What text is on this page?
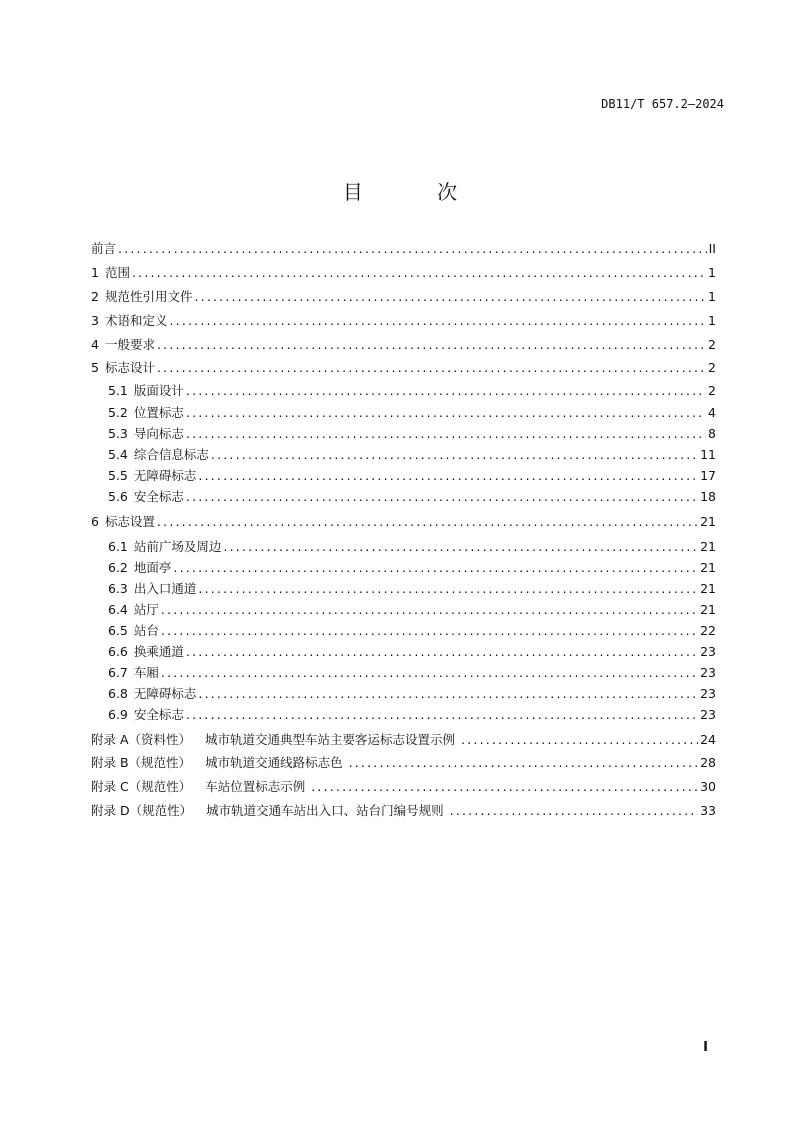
DB11/T 657.2—2024
目 次
前言 .....	II
1 范围 .....	1
2 规范性引用文件 .....	1
3 术语和定义 .....	1
4 一般要求 .....	2
5 标志设计 .....	2
5.1 版面设计 .....	2
5.2 位置标志 .....	4
5.3 导向标志 .....	8
5.4 综合信息标志 .....	11
5.5 无障碍标志 .....	17
5.6 安全标志 .....	18
6 标志设置 .....	21
6.1 站前广场及周边 .....	21
6.2 地面亭 .....	21
6.3 出入口通道 .....	21
6.4 站厅 .....	21
6.5 站台 .....	22
6.6 换乘通道 .....	23
6.7 车厢 .....	23
6.8 无障碍标志 .....	23
6.9 安全标志 .....	23
附录 A（资料性） 城市轨道交通典型车站主要客运标志设置示例 .....	24
附录 B（规范性） 城市轨道交通线路标志色 .....	28
附录 C（规范性） 车站位置标志示例 .....	30
附录 D（规范性） 城市轨道交通车站出入口、站台门编号规则 .....	33
I
